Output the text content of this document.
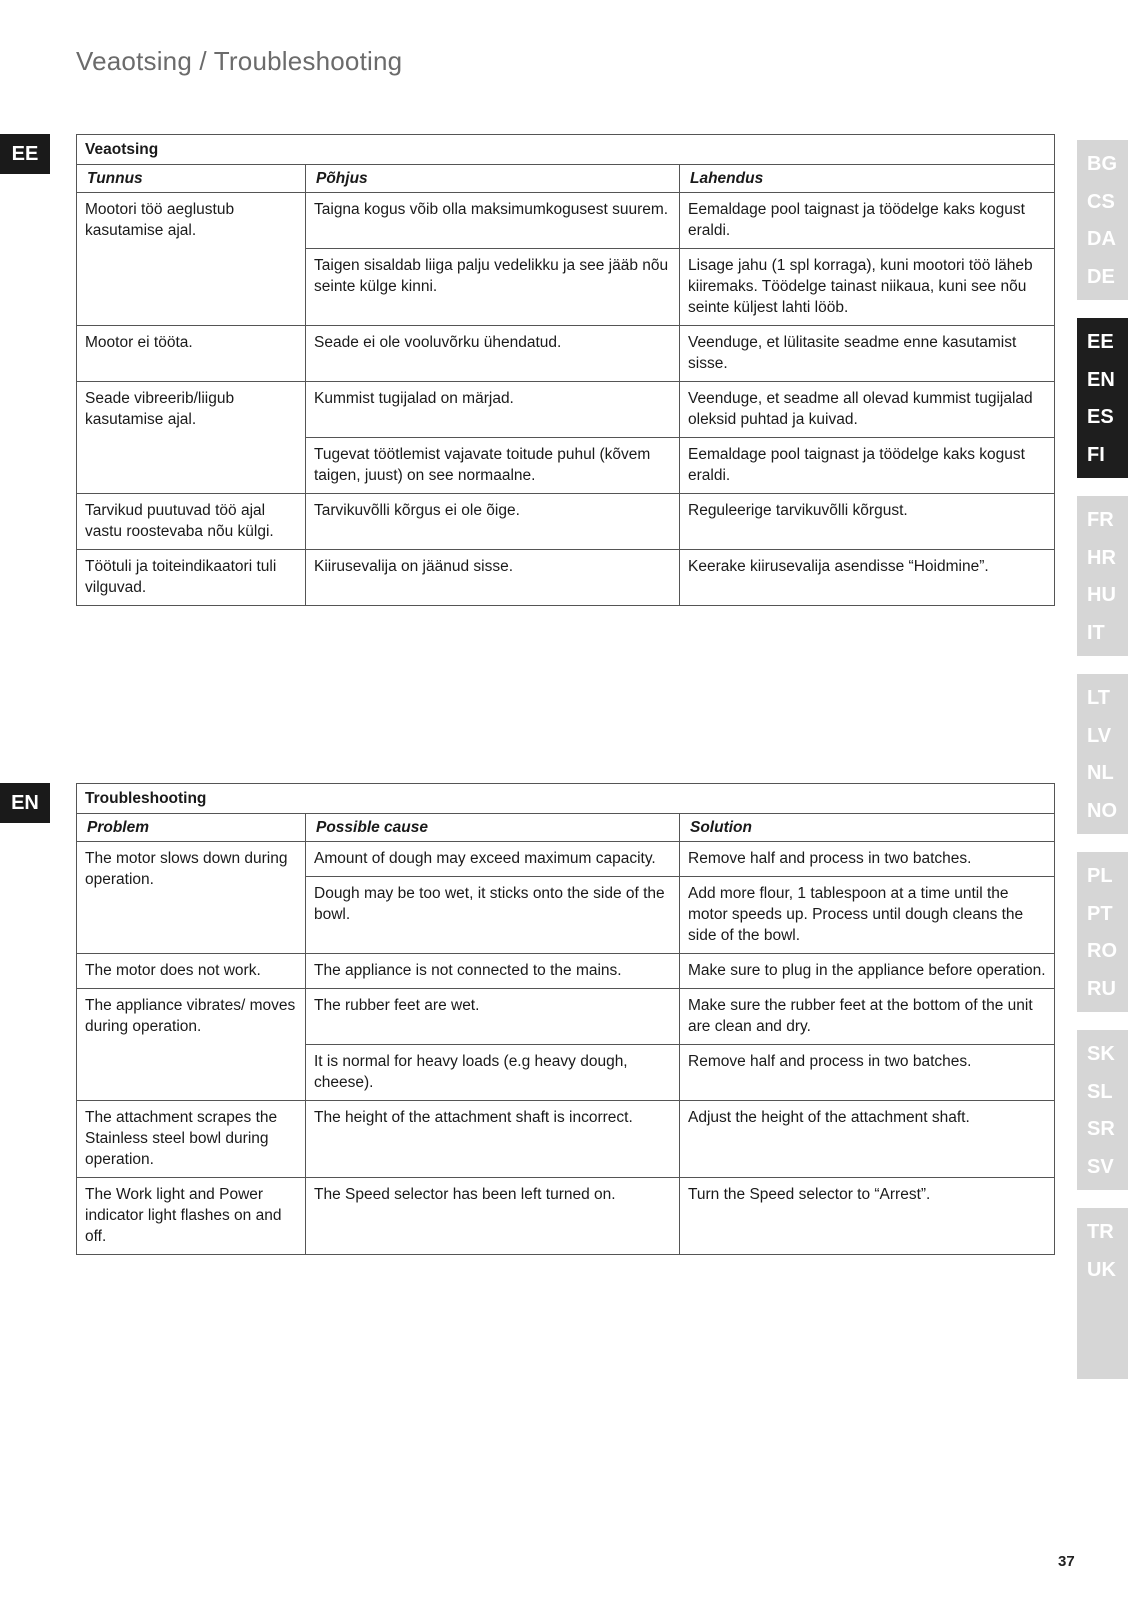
Veaotsing / Troubleshooting
EE
EN
Veaotsing		
Tunnus	Põhjus	Lahendus
Mootori töö aeglustub kasutamise ajal.	Taigna kogus võib olla maksimumkogusest suurem.	Eemaldage pool taignast ja töödelge kaks kogust eraldi.
	Taigen sisaldab liiga palju vedelikku ja see jääb nõu seinte külge kinni.	Lisage jahu (1 spl korraga), kuni mootori töö läheb kiiremaks. Töödelge tainast niikaua, kuni see nõu seinte küljest lahti lööb.
Mootor ei tööta.	Seade ei ole vooluvõrku ühendatud.	Veenduge, et lülitasite seadme enne kasutamist sisse.
Seade vibreerib/liigub kasutamise ajal.	Kummist tugijalad on märjad.	Veenduge, et seadme all olevad kummist tugijalad oleksid puhtad ja kuivad.
	Tugevat töötlemist vajavate toitude puhul (kõvem taigen, juust) on see normaalne.	Eemaldage pool taignast ja töödelge kaks kogust eraldi.
Tarvikud puutuvad töö ajal vastu roostevaba nõu külgi.	Tarvikuvõlli kõrgus ei ole õige.	Reguleerige tarvikuvõlli kõrgust.
Töötuli ja toiteindikaatori tuli vilguvad.	Kiirusevalija on jäänud sisse.	Keerake kiirusevalija asendisse “Hoidmine”.
Troubleshooting		
Problem	Possible cause	Solution
The motor slows down during operation.	Amount of dough may exceed maximum capacity.	Remove half and process in two batches.
	Dough may be too wet, it sticks onto the side of the bowl.	Add more flour, 1 tablespoon at a time until the motor speeds up. Process until dough cleans the side of the bowl.
The motor does not work.	The appliance is not connected to the mains.	Make sure to plug in the appliance before operation.
The appliance vibrates/ moves during operation.	The rubber feet are wet.	Make sure the rubber feet at the bottom of the unit are clean and dry.
	It is normal for heavy loads (e.g heavy dough, cheese).	Remove half and process in two batches.
The attachment scrapes the Stainless steel bowl during operation.	The height of the attachment shaft is incorrect.	Adjust the height of the attachment shaft.
The Work light and Power indicator light flashes on and off.	The Speed selector has been left turned on.	Turn the Speed selector to “Arrest”.
BG
CS
DA
DE
EE
EN
ES
FI
FR
HR
HU
IT
LT
LV
NL
NO
PL
PT
RO
RU
SK
SL
SR
SV
TR
UK
37
